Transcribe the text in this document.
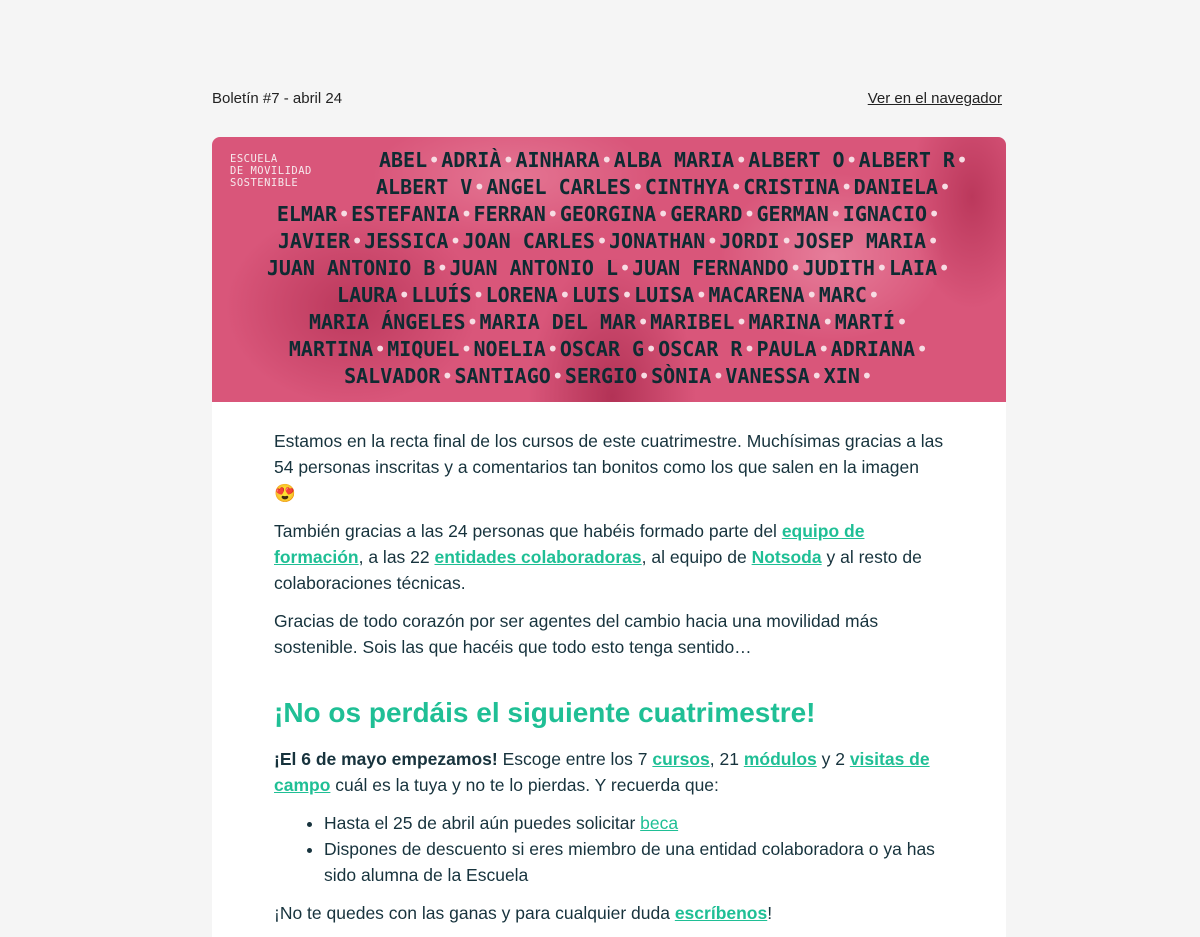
Boletín #7 - abril 24	Ver en el navegador
ESCUELA
DE MOVILIDAD
SOSTENIBLE
ABEL•ADRIÀ•AINHARA•ALBA MARIA•ALBERT O•ALBERT R•
ALBERT V•ANGEL CARLES•CINTHYA•CRISTINA•DANIELA•
ELMAR•ESTEFANIA•FERRAN•GEORGINA•GERARD•GERMAN•IGNACIO•
JAVIER•JESSICA•JOAN CARLES•JONATHAN•JORDI•JOSEP MARIA•
JUAN ANTONIO B•JUAN ANTONIO L•JUAN FERNANDO•JUDITH•LAIA•
LAURA•LLUÍS•LORENA•LUIS•LUISA•MACARENA•MARC•
MARIA ÁNGELES•MARIA DEL MAR•MARIBEL•MARINA•MARTÍ•
MARTINA•MIQUEL•NOELIA•OSCAR G•OSCAR R•PAULA•ADRIANA•
SALVADOR•SANTIAGO•SERGIO•SÒNIA•VANESSA•XIN•

Estamos en la recta final de los cursos de este cuatrimestre. Muchísimas gracias a las 54 personas inscritas y a comentarios tan bonitos como los que salen en la imagen 😍

También gracias a las 24 personas que habéis formado parte del equipo de formación, a las 22 entidades colaboradoras, al equipo de Notsoda y al resto de colaboraciones técnicas.

Gracias de todo corazón por ser agentes del cambio hacia una movilidad más sostenible. Sois las que hacéis que todo esto tenga sentido…

¡No os perdáis el siguiente cuatrimestre!

¡El 6 de mayo empezamos! Escoge entre los 7 cursos, 21 módulos y 2 visitas de campo cuál es la tuya y no te lo pierdas. Y recuerda que:

• Hasta el 25 de abril aún puedes solicitar beca
• Dispones de descuento si eres miembro de una entidad colaboradora o ya has sido alumna de la Escuela

¡No te quedes con las ganas y para cualquier duda escríbenos!
